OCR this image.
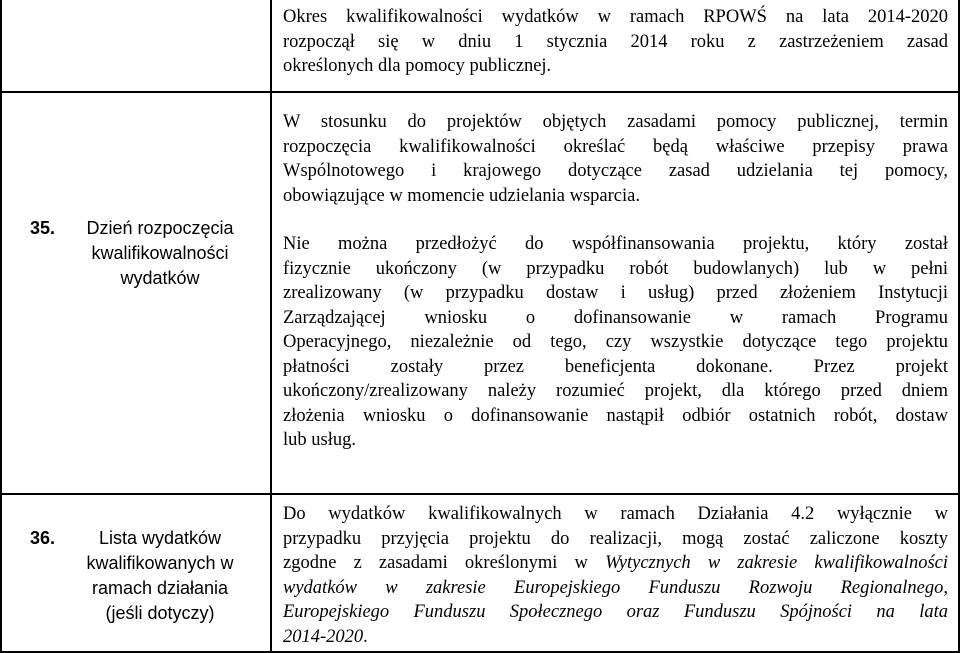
Okres kwalifikowalności wydatków w ramach RPOWŚ na lata 2014-2020
rozpoczął się w dniu 1 stycznia 2014 roku z zastrzeżeniem zasad
określonych dla pomocy publicznej.

35.	Dzień rozpoczęcia
kwalifikowalności
wydatków

W stosunku do projektów objętych zasadami pomocy publicznej, termin
rozpoczęcia kwalifikowalności określać będą właściwe przepisy prawa
Wspólnotowego i krajowego dotyczące zasad udzielania tej pomocy,
obowiązujące w momencie udzielania wsparcia.

Nie można przedłożyć do współfinansowania projektu, który został
fizycznie ukończony (w przypadku robót budowlanych) lub w pełni
zrealizowany (w przypadku dostaw i usług) przed złożeniem Instytucji
Zarządzającej wniosku o dofinansowanie w ramach Programu
Operacyjnego, niezależnie od tego, czy wszystkie dotyczące tego projektu
płatności zostały przez beneficjenta dokonane. Przez projekt
ukończony/zrealizowany należy rozumieć projekt, dla którego przed dniem
złożenia wniosku o dofinansowanie nastąpił odbiór ostatnich robót, dostaw
lub usług.

36.	Lista wydatków
kwalifikowanych w
ramach działania
(jeśli dotyczy)

Do wydatków kwalifikowalnych w ramach Działania 4.2 wyłącznie w
przypadku przyjęcia projektu do realizacji, mogą zostać zaliczone koszty
zgodne z zasadami określonymi w Wytycznych w zakresie kwalifikowalności
wydatków w zakresie Europejskiego Funduszu Rozwoju Regionalnego,
Europejskiego Funduszu Społecznego oraz Funduszu Spójności na lata
2014-2020.
